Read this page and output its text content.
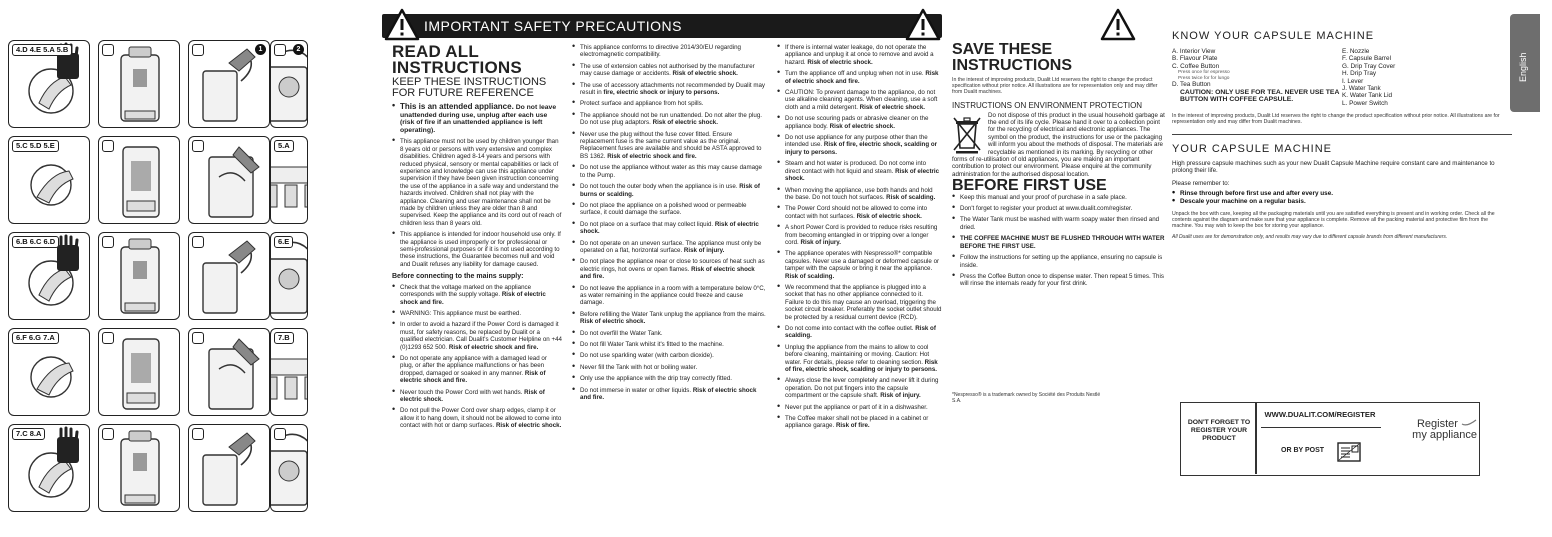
4.D 4.E 5.A 5.B	1	2
5.C 5.D 5.E	5.A
6.B 6.C 6.D	6.E
6.F 6.G 7.A	7.B
7.C 8.A
IMPORTANT SAFETY PRECAUTIONS
READ ALL INSTRUCTIONS
KEEP THESE INSTRUCTIONS FOR FUTURE REFERENCE
• This is an attended appliance. Do not leave unattended during use, unplug after each use (risk of fire if an unattended appliance is left operating).
• This appliance must not be used by children younger than 8 years old or persons with very extensive and complex disabilities. Children aged 8-14 years and persons with reduced physical, sensory or mental capabilities or lack of experience and knowledge can use this appliance under supervision if they have been given instruction concerning the use of the appliance in a safe way and understand the hazards involved. Children shall not play with the appliance. Cleaning and user maintenance shall not be made by children unless they are older than 8 and supervised. Keep the appliance and its cord out of reach of children less than 8 years old.
• This appliance is intended for indoor household use only. If the appliance is used improperly or for professional or semi-professional purposes or if it is not used according to these instructions, the Guarantee becomes null and void and Dualit refuses any liability for damage caused.
Before connecting to the mains supply:
• Check that the voltage marked on the appliance corresponds with the supply voltage. Risk of electric shock and fire.
• WARNING: This appliance must be earthed.
• In order to avoid a hazard if the Power Cord is damaged it must, for safety reasons, be replaced by Dualit or a qualified electrician. Call Dualit's Customer Helpline on +44 (0)1293 652 500. Risk of electric shock and fire.
• Do not operate any appliance with a damaged lead or plug, or after the appliance malfunctions or has been dropped, damaged or soaked in any manner. Risk of electric shock and fire.
• Never touch the Power Cord with wet hands. Risk of electric shock.
• Do not pull the Power Cord over sharp edges, clamp it or allow it to hang down, it should not be allowed to come into contact with hot or damp surfaces. Risk of electric shock.
• This appliance conforms to directive 2014/30/EU regarding electromagnetic compatibility.
• The use of extension cables not authorised by the manufacturer may cause damage or accidents. Risk of electric shock.
• The use of accessory attachments not recommended by Dualit may result in fire, electric shock or injury to persons.
• Protect surface and appliance from hot spills.
• The appliance should not be run unattended. Do not alter the plug. Do not use plug adaptors. Risk of electric shock.
• Never use the plug without the fuse cover fitted. Ensure replacement fuse is the same current value as the original. Replacement fuses are available and should be ASTA approved to BS 1362. Risk of electric shock and fire.
• Do not use the appliance without water as this may cause damage to the Pump.
• Do not touch the outer body when the appliance is in use. Risk of burns or scalding.
• Do not place the appliance on a polished wood or permeable surface, it could damage the surface.
• Do not place on a surface that may collect liquid. Risk of electric shock.
• Do not operate on an uneven surface. The appliance must only be operated on a flat, horizontal surface. Risk of injury.
• Do not place the appliance near or close to sources of heat such as electric rings, hot ovens or open flames. Risk of electric shock and fire.
• Do not leave the appliance in a room with a temperature below 0°C, as water remaining in the appliance could freeze and cause damage.
• Before refilling the Water Tank unplug the appliance from the mains. Risk of electric shock.
• Do not overfill the Water Tank.
• Do not fill Water Tank whilst it's fitted to the machine.
• Do not use sparkling water (with carbon dioxide).
• Never fill the Tank with hot or boiling water.
• Only use the appliance with the drip tray correctly fitted.
• Do not immerse in water or other liquids. Risk of electric shock and fire.
• If there is internal water leakage, do not operate the appliance and unplug it at once to remove and avoid a hazard. Risk of electric shock.
• Turn the appliance off and unplug when not in use. Risk of electric shock and fire.
• CAUTION: To prevent damage to the appliance, do not use alkaline cleaning agents. When cleaning, use a soft cloth and a mild detergent. Risk of electric shock.
• Do not use scouring pads or abrasive cleaner on the appliance body. Risk of electric shock.
• Do not use appliance for any purpose other than the intended use. Risk of fire, electric shock, scalding or injury to persons.
• Steam and hot water is produced. Do not come into direct contact with hot liquid and steam. Risk of electric shock.
• When moving the appliance, use both hands and hold the base. Do not touch hot surfaces. Risk of scalding.
• The Power Cord should not be allowed to come into contact with hot surfaces. Risk of electric shock.
• A short Power Cord is provided to reduce risks resulting from becoming entangled in or tripping over a longer cord. Risk of injury.
• The appliance operates with Nespresso®* compatible capsules. Never use a damaged or deformed capsule or tamper with the capsule or bring it near the appliance. Risk of scalding.
• We recommend that the appliance is plugged into a socket that has no other appliance connected to it. Failure to do this may cause an overload, triggering the socket circuit breaker. Preferably the socket outlet should be protected by a residual current device (RCD).
• Do not come into contact with the coffee outlet. Risk of scalding.
• Unplug the appliance from the mains to allow to cool before cleaning, maintaining or moving. Caution: Hot water. For details, please refer to cleaning section. Risk of fire, electric shock, scalding or injury to persons.
• Always close the lever completely and never lift it during operation. Do not put fingers into the capsule compartment or the capsule shaft. Risk of injury.
• Never put the appliance or part of it in a dishwasher.
• The Coffee maker shall not be placed in a cabinet or appliance garage. Risk of fire.
SAVE THESE INSTRUCTIONS
In the interest of improving products, Dualit Ltd reserves the right to change the product specification without prior notice. All illustrations are for representation only and may differ from Dualit machines.
INSTRUCTIONS ON ENVIRONMENT PROTECTION
Do not dispose of this product in the usual household garbage at the end of its life cycle. Please hand it over to a collection point for the recycling of electrical and electronic appliances. The symbol on the product, the instructions for use or the packaging will inform you about the methods of disposal. The materials are recyclable as mentioned in its marking. By recycling or other forms of re-utilisation of old appliances, you are making an important contribution to protect our environment. Please enquire at the community administration for the authorised disposal location.
BEFORE FIRST USE
• Keep this manual and your proof of purchase in a safe place.
• Don't forget to register your product at www.dualit.com/register.
• The Water Tank must be washed with warm soapy water then rinsed and dried.
• THE COFFEE MACHINE MUST BE FLUSHED THROUGH WITH WATER BEFORE THE FIRST USE.
• Follow the instructions for setting up the appliance, ensuring no capsule is inside.
• Press the Coffee Button once to dispense water. Then repeat 5 times. This will rinse the internals ready for your first drink.
*Nespresso® is a trademark owned by Société des Produits Nestlé S.A.
KNOW YOUR CAPSULE MACHINE
A. Interior View
B. Flavour Plate
C. Coffee Button
Press once for espresso
Press twice for for lungo
D. Tea Button
CAUTION: ONLY USE FOR TEA. NEVER USE TEA BUTTON WITH COFFEE CAPSULE.
E. Nozzle
F. Capsule Barrel
G. Drip Tray Cover
H. Drip Tray
I. Lever
J. Water Tank
K. Water Tank Lid
L. Power Switch
In the interest of improving products, Dualit Ltd reserves the right to change the product specification without prior notice. All illustrations are for representation only and may differ from Dualit machines.
YOUR CAPSULE MACHINE
High pressure capsule machines such as your new Dualit Capsule Machine require constant care and maintenance to prolong their life.
Please remember to:
• Rinse through before first use and after every use.
• Descale your machine on a regular basis.
Unpack the box with care, keeping all the packaging materials until you are satisfied everything is present and in working order. Check all the contents against the diagram and make sure that your appliance is complete. Remove all the packing material and protective film from the machine. You may wish to keep the box for storing your appliance.
All Dualit uses are for demonstration only, and results may vary due to different capsule brands from different manufacturers.
DON'T FORGET TO REGISTER YOUR PRODUCT
WWW.DUALIT.COM/REGISTER
OR BY POST
Register
my appliance
English
